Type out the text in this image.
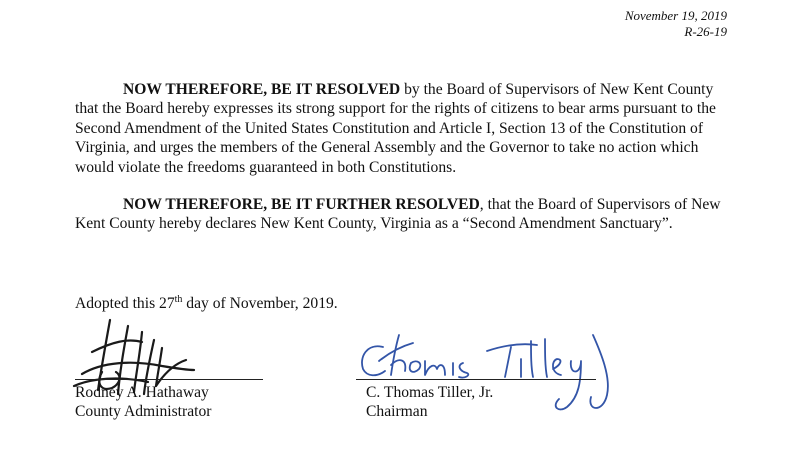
November 19, 2019
R-26-19

NOW THEREFORE, BE IT RESOLVED by the Board of Supervisors of New Kent County that the Board hereby expresses its strong support for the rights of citizens to bear arms pursuant to the Second Amendment of the United States Constitution and Article I, Section 13 of the Constitution of Virginia, and urges the members of the General Assembly and the Governor to take no action which would violate the freedoms guaranteed in both Constitutions.

NOW THEREFORE, BE IT FURTHER RESOLVED, that the Board of Supervisors of New Kent County hereby declares New Kent County, Virginia as a “Second Amendment Sanctuary”.

Adopted this 27th day of November, 2019.

Rodney A. Hathaway
County Administrator
C. Thomas Tiller, Jr.
Chairman
